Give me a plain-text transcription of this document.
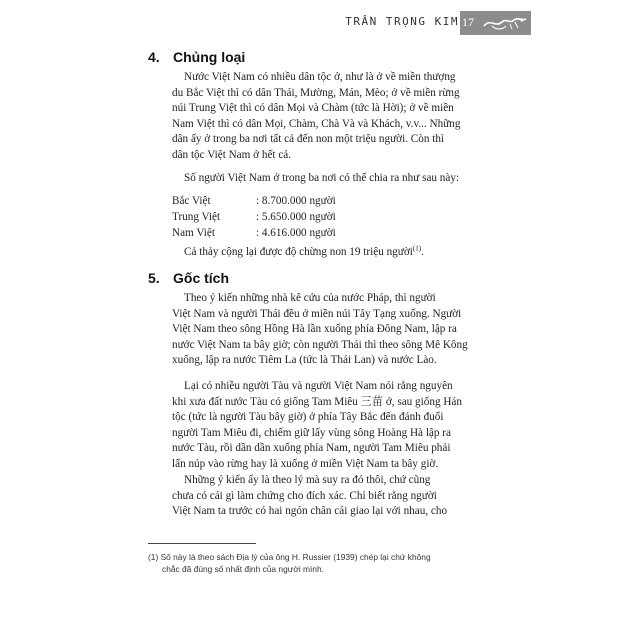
TRẦN TRỌNG KIM 17
4. Chủng loại

Nước Việt Nam có nhiều dân tộc ở, như là ở về miền thượng
du Bắc Việt thì có dân Thái, Mường, Mán, Mèo; ở về miền rừng
núi Trung Việt thì có dân Mọi và Chàm (tức là Hời); ở về miền
Nam Việt thì có dân Mọi, Chàm, Chà Và và Khách, v.v... Những
dân ấy ở trong ba nơi tất cả đến non một triệu người. Còn thì
dân tộc Việt Nam ở hết cả.

Số người Việt Nam ở trong ba nơi có thể chia ra như sau này:

Bắc Việt	: 8.700.000 người
Trung Việt	: 5.650.000 người
Nam Việt	: 4.616.000 người

Cả thảy cộng lại được độ chừng non 19 triệu người$^{(1)}$.

5. Gốc tích

Theo ý kiến những nhà kê cứu của nước Pháp, thì người
Việt Nam và người Thái đều ở miền núi Tây Tạng xuống. Người
Việt Nam theo sông Hồng Hà lần xuống phía Đông Nam, lập ra
nước Việt Nam ta bây giờ; còn người Thái thì theo sông Mê Kông
xuống, lập ra nước Tiêm La (tức là Thái Lan) và nước Lào.

Lại có nhiều người Tàu và người Việt Nam nói rằng nguyên
khi xưa đất nước Tàu có giống Tam Miêu 三苗 ở, sau giống Hán
tộc (tức là người Tàu bây giờ) ở phía Tây Bắc đến đánh đuổi
người Tam Miêu đi, chiếm giữ lấy vùng sông Hoàng Hà lập ra
nước Tàu, rồi dần dần xuống phía Nam, người Tam Miêu phải
lẩn núp vào rừng hay là xuống ở miền Việt Nam ta bây giờ.

Những ý kiến ấy là theo lý mà suy ra đó thôi, chứ cũng
chưa có cái gì làm chứng cho đích xác. Chỉ biết rằng người
Việt Nam ta trước có hai ngón chân cái giao lại với nhau, cho

(1) Số này là theo sách Địa lý của ông H. Russier (1939) chép lại chứ không
chắc đã đúng số nhất định của người mình.
